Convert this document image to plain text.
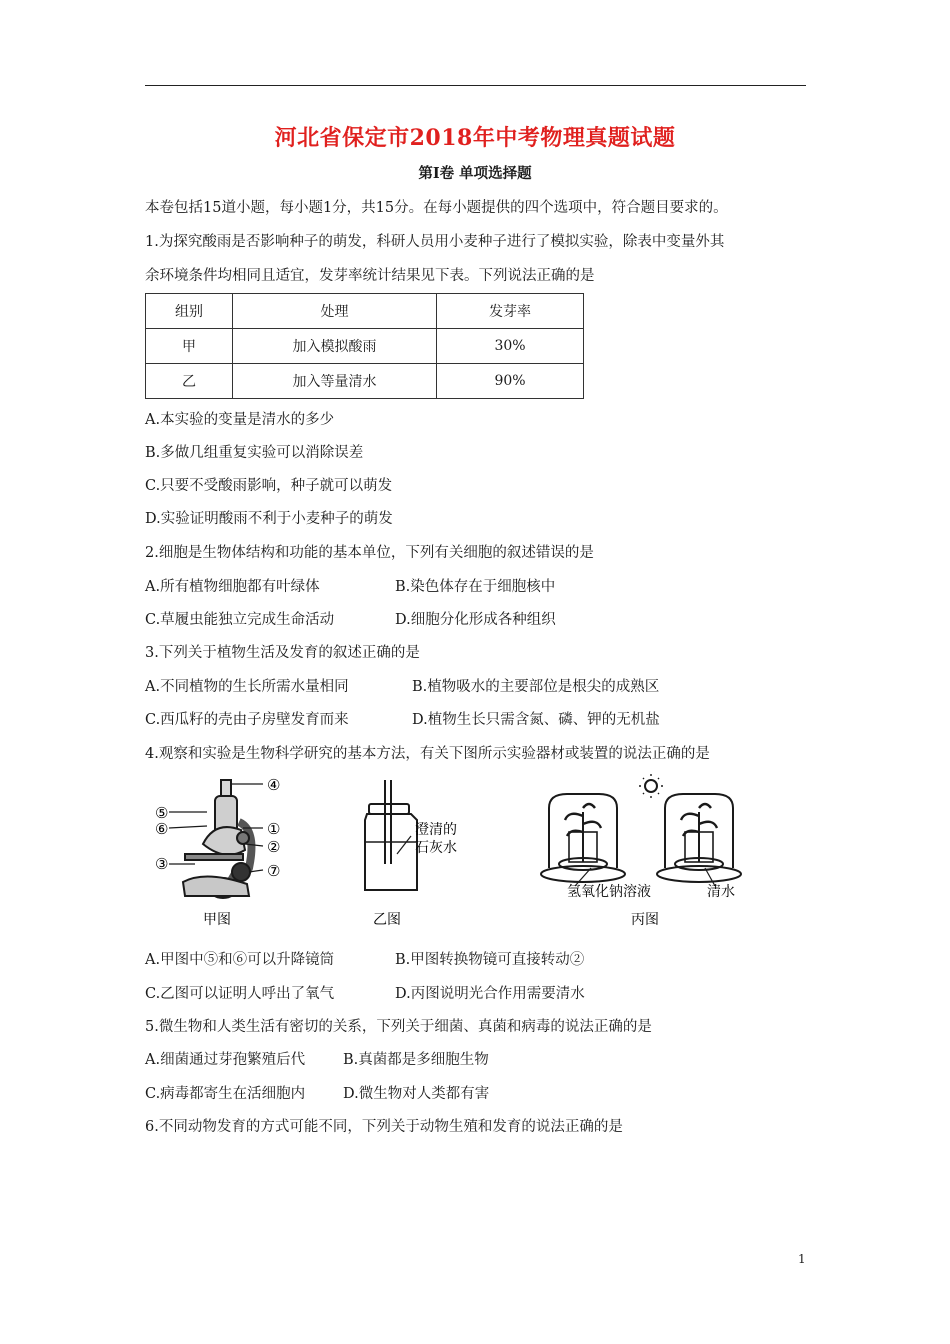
河北省保定市2018年中考物理真题试题
第Ⅰ卷 单项选择题
本卷包括15道小题，每小题1分，共15分。在每小题提供的四个选项中，符合题目要求的。
1.为探究酸雨是否影响种子的萌发，科研人员用小麦种子进行了模拟实验，除表中变量外其
余环境条件均相同且适宜，发芽率统计结果见下表。下列说法正确的是
组别	处理	发芽率
甲	加入模拟酸雨	30%
乙	加入等量清水	90%
A.本实验的变量是清水的多少
B.多做几组重复实验可以消除误差
C.只要不受酸雨影响，种子就可以萌发
D.实验证明酸雨不利于小麦种子的萌发
2.细胞是生物体结构和功能的基本单位，下列有关细胞的叙述错误的是
A.所有植物细胞都有叶绿体	B.染色体存在于细胞核中
C.草履虫能独立完成生命活动	D.细胞分化形成各种组织
3.下列关于植物生活及发育的叙述正确的是
A.不同植物的生长所需水量相同	B.植物吸水的主要部位是根尖的成熟区
C.西瓜籽的壳由子房壁发育而来	D.植物生长只需含氮、磷、钾的无机盐
4.观察和实验是生物科学研究的基本方法，有关下图所示实验器材或装置的说法正确的是
④
⑤
⑥	①
②
③	⑦
澄清的
石灰水
氢氧化钠溶液	清水
甲图	乙图	丙图
A.甲图中⑤和⑥可以升降镜筒	B.甲图转换物镜可直接转动②
C.乙图可以证明人呼出了氧气	D.丙图说明光合作用需要清水
5.微生物和人类生活有密切的关系，下列关于细菌、真菌和病毒的说法正确的是
A.细菌通过芽孢繁殖后代	B.真菌都是多细胞生物
C.病毒都寄生在活细胞内	D.微生物对人类都有害
6.不同动物发育的方式可能不同，下列关于动物生殖和发育的说法正确的是
1
